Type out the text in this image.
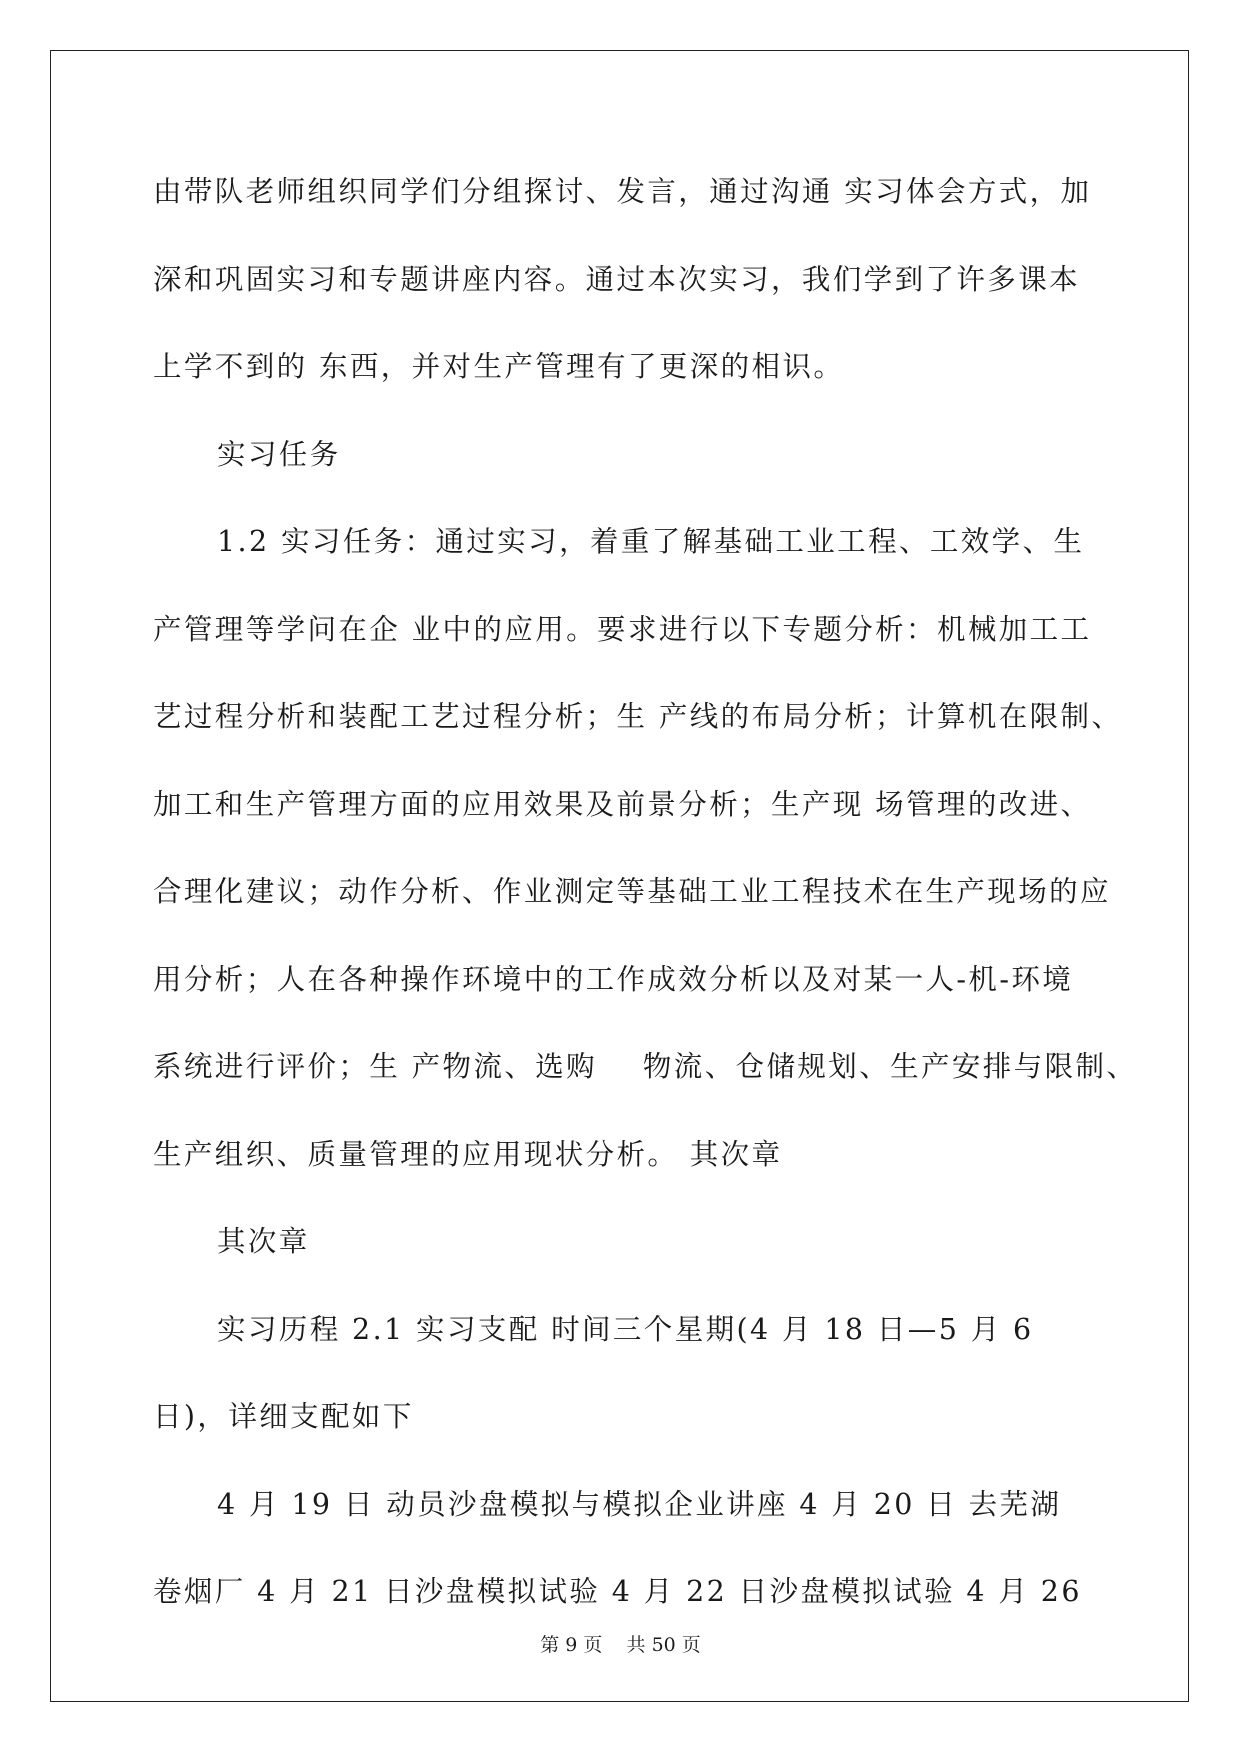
由带队老师组织同学们分组探讨、发言，通过沟通 实习体会方式，加
深和巩固实习和专题讲座内容。通过本次实习，我们学到了许多课本
上学不到的 东西，并对生产管理有了更深的相识。
实习任务
1.2 实习任务：通过实习，着重了解基础工业工程、工效学、生
产管理等学问在企 业中的应用。要求进行以下专题分析：机械加工工
艺过程分析和装配工艺过程分析；生 产线的布局分析；计算机在限制、
加工和生产管理方面的应用效果及前景分析；生产现 场管理的改进、
合理化建议；动作分析、作业测定等基础工业工程技术在生产现场的应
用分析；人在各种操作环境中的工作成效分析以及对某一人-机-环境
系统进行评价；生 产物流、选购    物流、仓储规划、生产安排与限制、
生产组织、质量管理的应用现状分析。 其次章
其次章
实习历程 2.1 实习支配 时间三个星期(4 月 18 日—5 月 6
日)，详细支配如下
4 月 19 日 动员沙盘模拟与模拟企业讲座 4 月 20 日 去芜湖
卷烟厂 4 月 21 日沙盘模拟试验 4 月 22 日沙盘模拟试验 4 月 26
第 9 页    共 50 页
